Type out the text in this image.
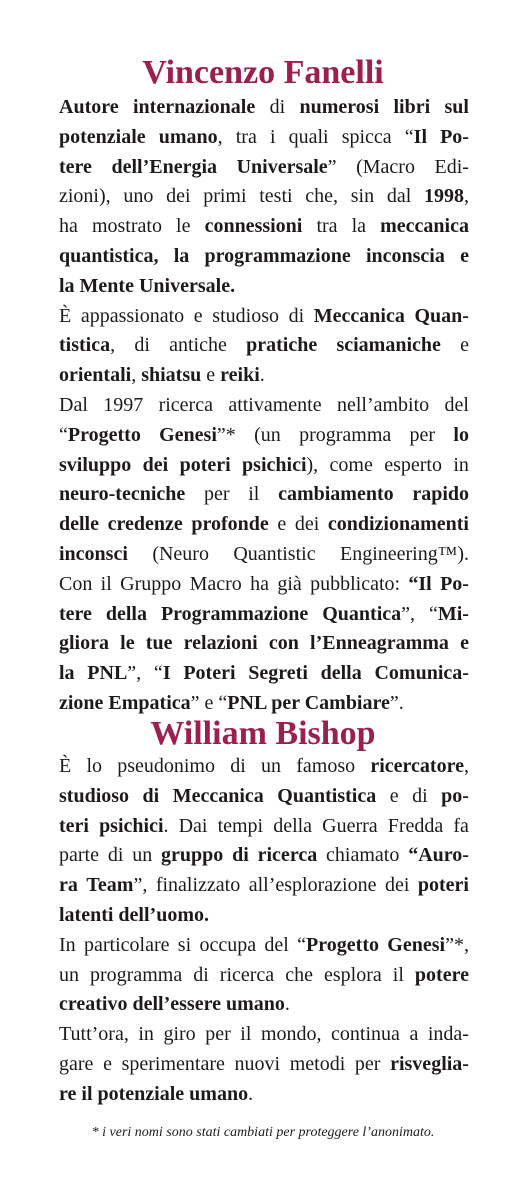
Vincenzo Fanelli
Autore internazionale di numerosi libri sul
potenziale umano, tra i quali spicca “Il Po-
tere dell’Energia Universale” (Macro Edi-
zioni), uno dei primi testi che, sin dal 1998,
ha mostrato le connessioni tra la meccanica
quantistica, la programmazione inconscia e
la Mente Universale.
È appassionato e studioso di Meccanica Quan-
tistica, di antiche pratiche sciamaniche e
orientali , shiatsu e reiki .
Dal 1997 ricerca attivamente nell’ambito del
“Progetto Genesi”* (un programma per lo
sviluppo dei poteri psichici), come esperto in
neuro-tecniche per il cambiamento rapido
delle credenze profonde e dei condizionamenti
inconsci (Neuro Quantistic Engineering™).
Con il Gruppo Macro ha già pubblicato: “Il Po-
tere della Programmazione Quantica”, “Mi-
gliora le tue relazioni con l’Enneagramma e
la PNL”, “I Poteri Segreti della Comunica-
zione Empatica ” e “ PNL per Cambiare ”.
William Bishop
È lo pseudonimo di un famoso ricercatore,
studioso di Meccanica Quantistica e di po-
teri psichici. Dai tempi della Guerra Fredda fa
parte di un gruppo di ricerca chiamato “Auro-
ra Team”, finalizzato all’esplorazione dei poteri
latenti dell’uomo.
In particolare si occupa del “Progetto Genesi”*,
un programma di ricerca che esplora il potere
creativo dell’essere umano .
Tutt’ora, in giro per il mondo, continua a inda-
gare e sperimentare nuovi metodi per risveglia-
re il potenziale umano .

* i veri nomi sono stati cambiati per proteggere l’anonimato.
